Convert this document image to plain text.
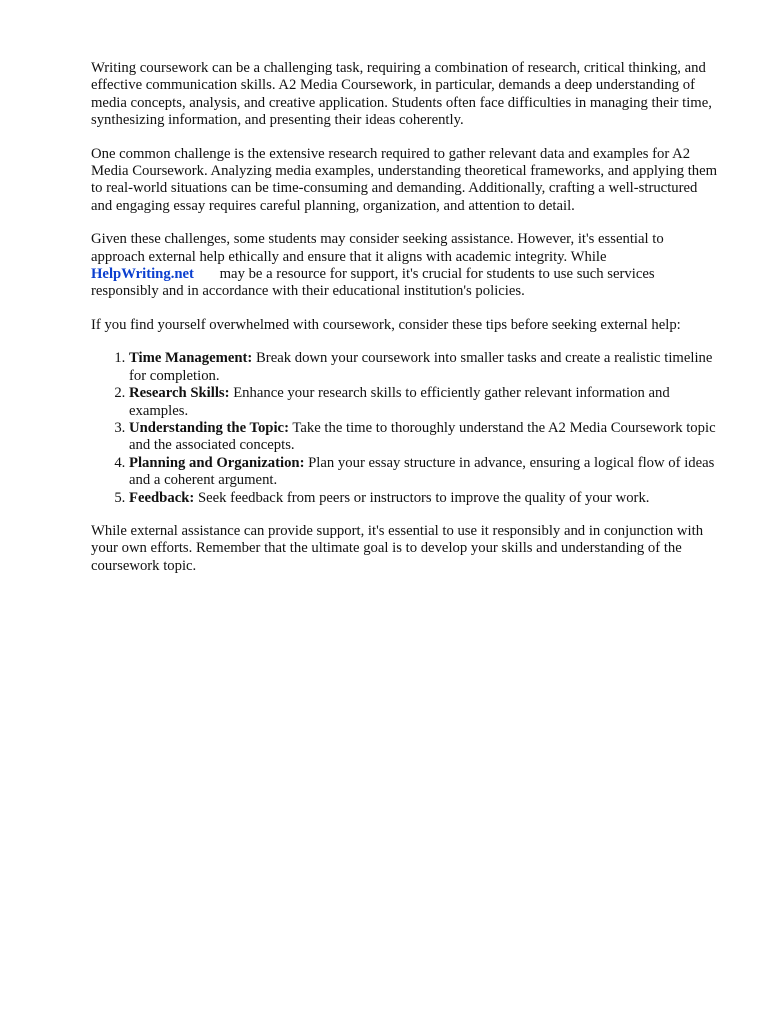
Writing coursework can be a challenging task, requiring a combination of research, critical thinking, and effective communication skills. A2 Media Coursework, in particular, demands a deep understanding of media concepts, analysis, and creative application. Students often face difficulties in managing their time, synthesizing information, and presenting their ideas coherently.

One common challenge is the extensive research required to gather relevant data and examples for A2 Media Coursework. Analyzing media examples, understanding theoretical frameworks, and applying them to real-world situations can be time-consuming and demanding. Additionally, crafting a well-structured and engaging essay requires careful planning, organization, and attention to detail.

Given these challenges, some students may consider seeking assistance. However, it's essential to approach external help ethically and ensure that it aligns with academic integrity. While
HelpWriting.net may be a resource for support, it's crucial for students to use such services responsibly and in accordance with their educational institution's policies.

If you find yourself overwhelmed with coursework, consider these tips before seeking external help:

1. Time Management: Break down your coursework into smaller tasks and create a realistic timeline for completion.
2. Research Skills: Enhance your research skills to efficiently gather relevant information and examples.
3. Understanding the Topic: Take the time to thoroughly understand the A2 Media Coursework topic and the associated concepts.
4. Planning and Organization: Plan your essay structure in advance, ensuring a logical flow of ideas and a coherent argument.
5. Feedback: Seek feedback from peers or instructors to improve the quality of your work.

While external assistance can provide support, it's essential to use it responsibly and in conjunction with your own efforts. Remember that the ultimate goal is to develop your skills and understanding of the coursework topic.
